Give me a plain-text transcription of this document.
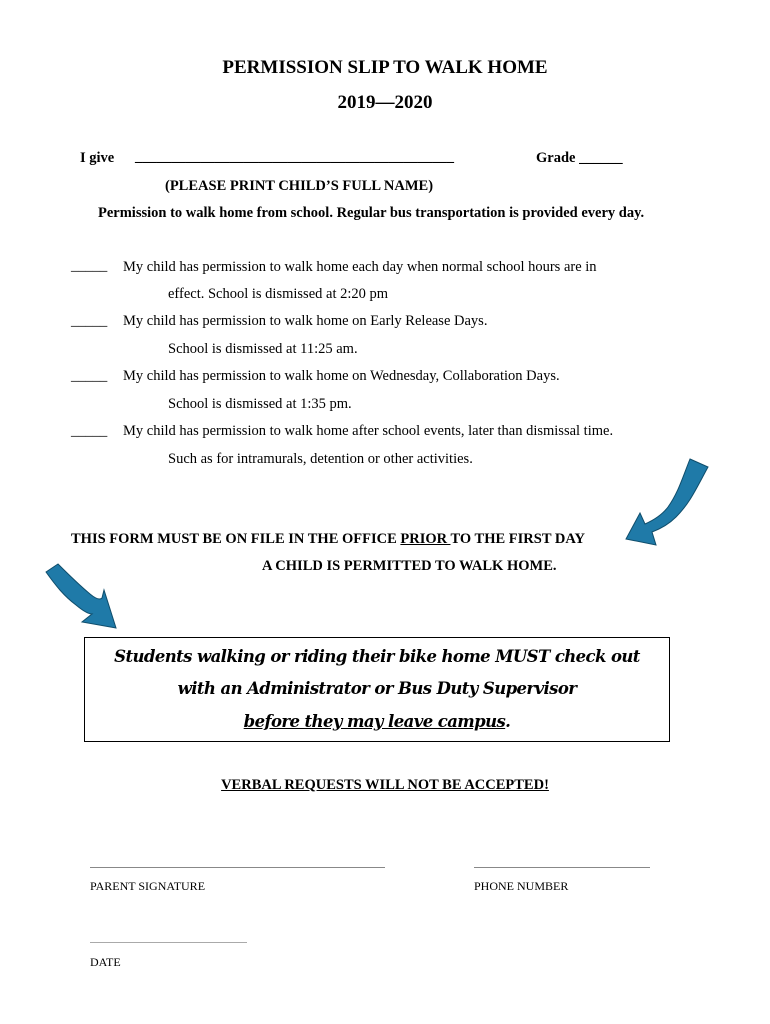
PERMISSION SLIP TO WALK HOME
2019—2020
I give ____________________________________________	Grade ______
(PLEASE PRINT CHILD’S FULL NAME)
Permission to walk home from school. Regular bus transportation is provided every day.
_____ My child has permission to walk home each day when normal school hours are in
effect. School is dismissed at 2:20 pm
_____ My child has permission to walk home on Early Release Days.
School is dismissed at 11:25 am.
_____ My child has permission to walk home on Wednesday, Collaboration Days.
School is dismissed at 1:35 pm.
_____ My child has permission to walk home after school events, later than dismissal time.
Such as for intramurals, detention or other activities.
THIS FORM MUST BE ON FILE IN THE OFFICE PRIOR TO THE FIRST DAY
A CHILD IS PERMITTED TO WALK HOME.
Students walking or riding their bike home MUST check out
with an Administrator or Bus Duty Supervisor
before they may leave campus.
VERBAL REQUESTS WILL NOT BE ACCEPTED!
PARENT SIGNATURE	PHONE NUMBER
DATE
